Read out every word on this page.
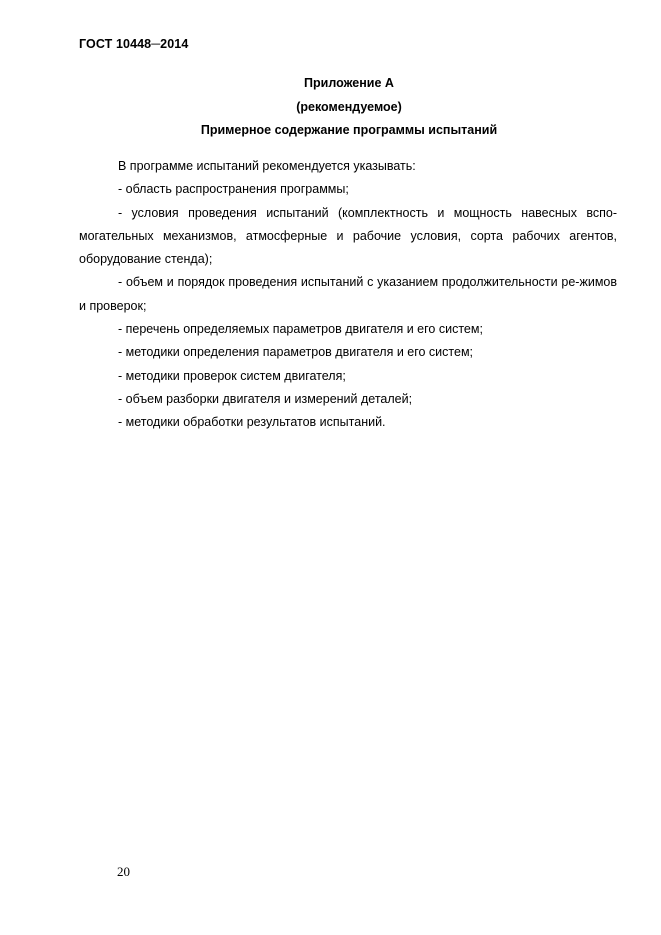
ГОСТ 10448─2014
Приложение А
(рекомендуемое)
Примерное содержание программы испытаний

В программе испытаний рекомендуется указывать:

- область распространения программы;

- условия проведения испытаний (комплектность и мощность навесных вспо-могательных механизмов, атмосферные и рабочие условия, сорта рабочих агентов, оборудование стенда);

- объем и порядок проведения испытаний с указанием продолжительности ре-жимов и проверок;

- перечень определяемых параметров двигателя и его систем;

- методики определения параметров двигателя и его систем;

- методики проверок систем двигателя;

- объем разборки двигателя и измерений деталей;

- методики обработки результатов испытаний.

20
